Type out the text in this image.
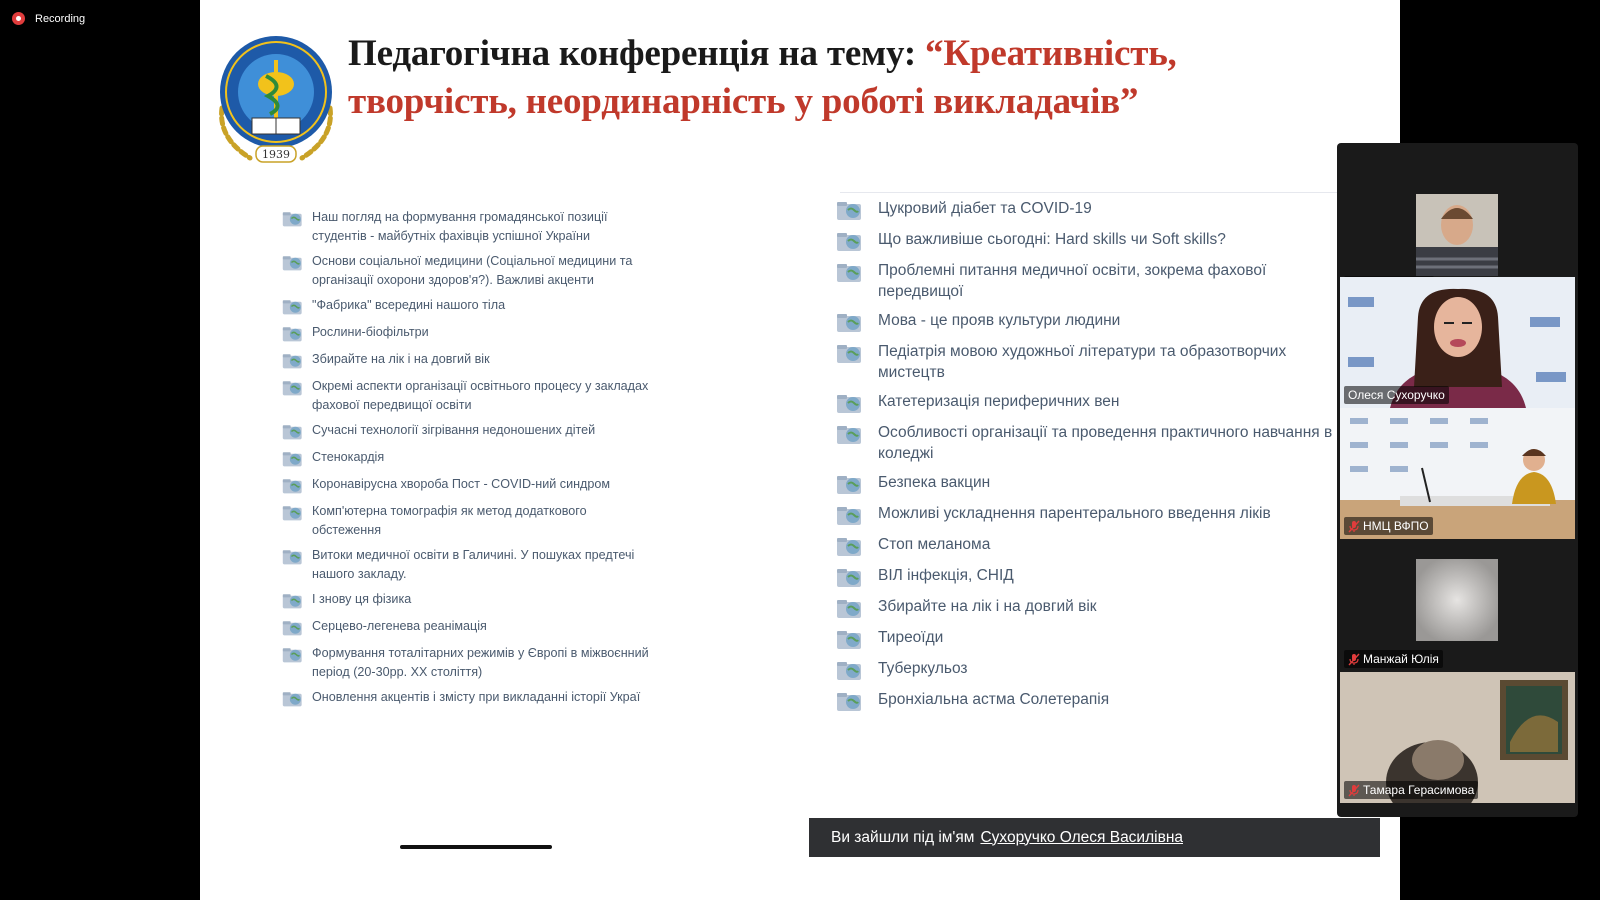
Recording
1939
Педагогічна конференція на тему: “Креативність,
творчість, неординарність у роботі викладачів”
Наш погляд на формування громадянської позиції студентів - майбутніх фахівців успішної України
Основи соціальної медицини (Соціальної медицини та організації охорони здоров'я?). Важливі акценти
"Фабрика" всередині нашого тіла
Рослини-біофільтри
Збирайте на лік і на довгий вік
Окремі аспекти організації освітнього процесу у закладах фахової передвищої освіти
Сучасні технології зігрівання недоношених дітей
Стенокардія
Коронавірусна хвороба Пост - COVID-ний синдром
Комп'ютерна томографія як метод додаткового обстеження
Витоки медичної освіти в Галичині. У пошуках предтечі нашого закладу.
І знову ця фізика
Серцево-легенева реанімація
Формування тоталітарних режимів у Європі в міжвоєнний період (20-30рр. XX століття)
Оновлення акцентів і змісту при викладанні історії Украї
Цукровий діабет та COVID-19
Що важливіше сьогодні: Hard skills чи Soft skills?
Проблемні питання медичної освіти, зокрема фахової передвищої
Мова - це прояв культури людини
Педіатрія мовою художньої літератури та образотворчих мистецтв
Катетеризація периферичних вен
Особливості організації та проведення практичного навчання в коледжі
Безпека вакцин
Можливі ускладнення парентерального введення ліків
Стоп меланома
ВІЛ інфекція, СНІД
Збирайте на лік і на довгий вік
Тиреоїди
Туберкульоз
Бронхіальна астма Солетерапія
Ви зайшли під ім'ям Сухоручко Олеся Василівна
Олеся Сухоручко
НМЦ ВФПО
Манжай Юлія
Тамара Герасимова
